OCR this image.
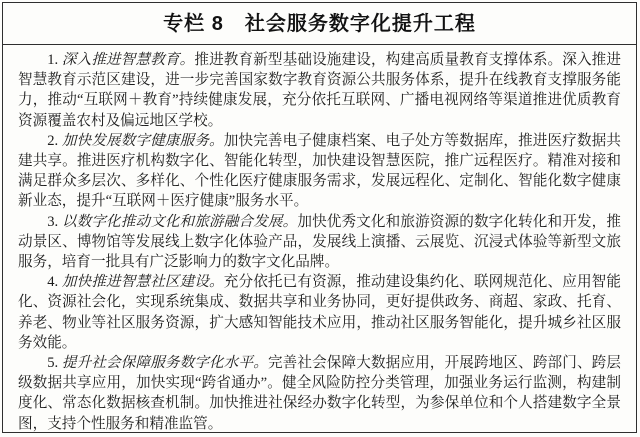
专栏 8　社会服务数字化提升工程

1. 深入推进智慧教育。推进教育新型基础设施建设，构建高质量教育支撑体系。深入推进智慧教育示范区建设，进一步完善国家数字教育资源公共服务体系，提升在线教育支撑服务能力，推动“互联网＋教育”持续健康发展，充分依托互联网、广播电视网络等渠道推进优质教育资源覆盖农村及偏远地区学校。

2. 加快发展数字健康服务。加快完善电子健康档案、电子处方等数据库，推进医疗数据共建共享。推进医疗机构数字化、智能化转型，加快建设智慧医院，推广远程医疗。精准对接和满足群众多层次、多样化、个性化医疗健康服务需求，发展远程化、定制化、智能化数字健康新业态，提升“互联网＋医疗健康”服务水平。

3. 以数字化推动文化和旅游融合发展。加快优秀文化和旅游资源的数字化转化和开发，推动景区、博物馆等发展线上数字化体验产品，发展线上演播、云展览、沉浸式体验等新型文旅服务，培育一批具有广泛影响力的数字文化品牌。

4. 加快推进智慧社区建设。充分依托已有资源，推动建设集约化、联网规范化、应用智能化、资源社会化，实现系统集成、数据共享和业务协同，更好提供政务、商超、家政、托育、养老、物业等社区服务资源，扩大感知智能技术应用，推动社区服务智能化，提升城乡社区服务效能。

5. 提升社会保障服务数字化水平。完善社会保障大数据应用，开展跨地区、跨部门、跨层级数据共享应用，加快实现“跨省通办”。健全风险防控分类管理，加强业务运行监测，构建制度化、常态化数据核查机制。加快推进社保经办数字化转型，为参保单位和个人搭建数字全景图，支持个性服务和精准监管。
